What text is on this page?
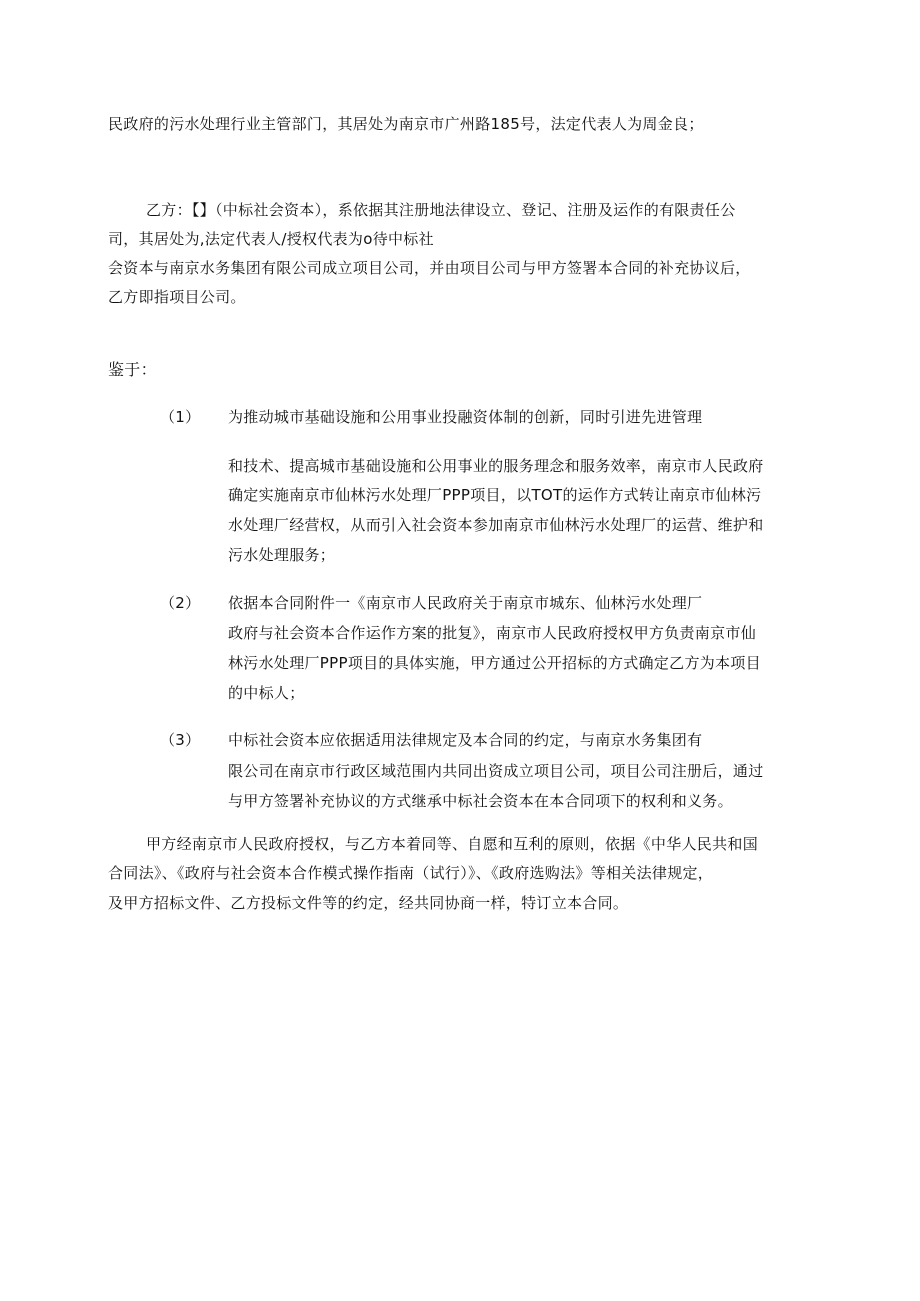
民政府的污水处理行业主管部门，其居处为南京市广州路185号，法定代表人为周金良；
乙方：【】（中标社会资本），系依据其注册地法律设立、登记、注册及运作的有限责任公
司，其居处为,法定代表人/授权代表为o待中标社
会资本与南京水务集团有限公司成立项目公司，并由项目公司与甲方签署本合同的补充协议后，
乙方即指项目公司。
鉴于：
（1） 为推动城市基础设施和公用事业投融资体制的创新，同时引进先进管理
和技术、提高城市基础设施和公用事业的服务理念和服务效率，南京市人民政府
确定实施南京市仙林污水处理厂PPP项目，以TOT的运作方式转让南京市仙林污
水处理厂经营权，从而引入社会资本参加南京市仙林污水处理厂的运营、维护和
污水处理服务；
（2） 依据本合同附件一《南京市人民政府关于南京市城东、仙林污水处理厂
政府与社会资本合作运作方案的批复》，南京市人民政府授权甲方负责南京市仙
林污水处理厂PPP项目的具体实施，甲方通过公开招标的方式确定乙方为本项目
的中标人；
（3） 中标社会资本应依据适用法律规定及本合同的约定，与南京水务集团有
限公司在南京市行政区域范围内共同出资成立项目公司，项目公司注册后，通过
与甲方签署补充协议的方式继承中标社会资本在本合同项下的权利和义务。
甲方经南京市人民政府授权，与乙方本着同等、自愿和互利的原则，依据《中华人民共和国
合同法》、《政府与社会资本合作模式操作指南（试行）》、《政府选购法》等相关法律规定，
及甲方招标文件、乙方投标文件等的约定，经共同协商一样，特订立本合同。
